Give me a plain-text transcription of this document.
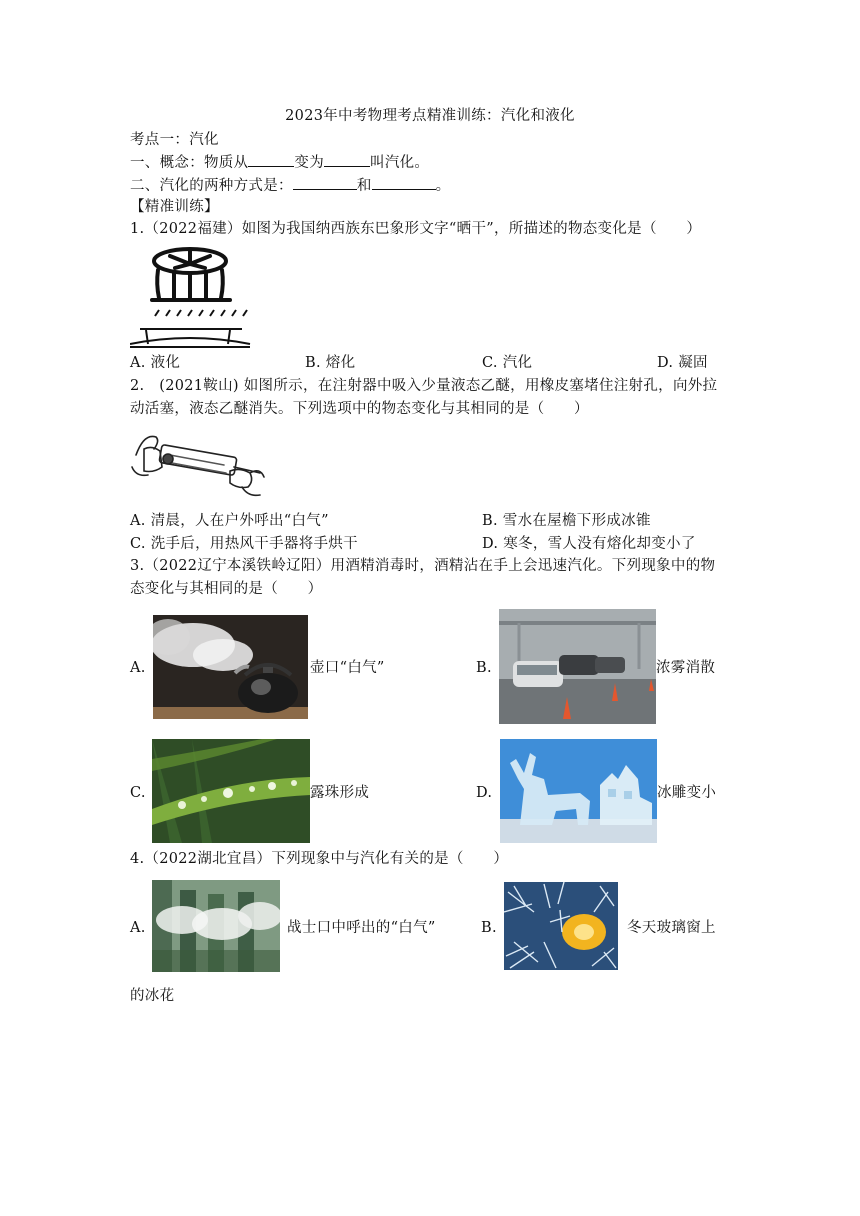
2023年中考物理考点精准训练：汽化和液化
考点一：汽化
一、概念：物质从	变为	叫汽化。
二、汽化的两种方式是：	和	。
【精准训练】
1.（2022福建）如图为我国纳西族东巴象形文字“晒干”，所描述的物态变化是（　　）
A. 液化	B. 熔化	C. 汽化	D. 凝固
2.　(2021鞍山) 如图所示，在注射器中吸入少量液态乙醚，用橡皮塞堵住注射孔，向外拉
动活塞，液态乙醚消失。下列选项中的物态变化与其相同的是（　　）
A. 清晨，人在户外呼出“白气”	B. 雪水在屋檐下形成冰锥
C. 洗手后，用热风干手器将手烘干	D. 寒冬，雪人没有熔化却变小了
3.（2022辽宁本溪铁岭辽阳）用酒精消毒时，酒精沾在手上会迅速汽化。下列现象中的物
态变化与其相同的是（　　）
A.	壶口“白气”	B.	浓雾消散
C.	露珠形成	D.	冰雕变小
4.（2022湖北宜昌）下列现象中与汽化有关的是（　　）
A.	战士口中呼出的“白气”	B.	冬天玻璃窗上
的冰花
